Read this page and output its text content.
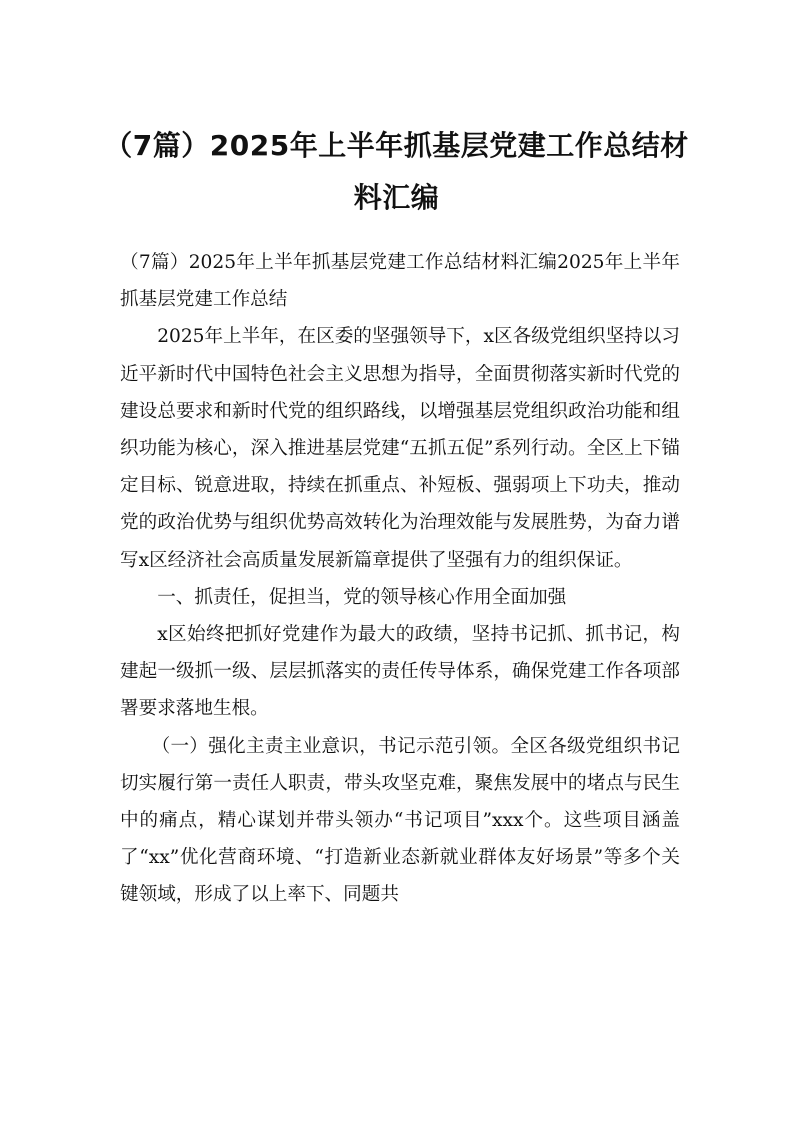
（7篇）2025年上半年抓基层党建工作总结材料汇编

（7篇）2025年上半年抓基层党建工作总结材料汇编2025年上半年抓基层党建工作总结

2025年上半年，在区委的坚强领导下，x区各级党组织坚持以习近平新时代中国特色社会主义思想为指导，全面贯彻落实新时代党的建设总要求和新时代党的组织路线，以增强基层党组织政治功能和组织功能为核心，深入推进基层党建“五抓五促”系列行动。全区上下锚定目标、锐意进取，持续在抓重点、补短板、强弱项上下功夫，推动党的政治优势与组织优势高效转化为治理效能与发展胜势，为奋力谱写x区经济社会高质量发展新篇章提供了坚强有力的组织保证。

一、抓责任，促担当，党的领导核心作用全面加强

x区始终把抓好党建作为最大的政绩，坚持书记抓、抓书记，构建起一级抓一级、层层抓落实的责任传导体系，确保党建工作各项部署要求落地生根。

（一）强化主责主业意识，书记示范引领。全区各级党组织书记切实履行第一责任人职责，带头攻坚克难，聚焦发展中的堵点与民生中的痛点，精心谋划并带头领办“书记项目”xxx个。这些项目涵盖了“xx”优化营商环境、“打造新业态新就业群体友好场景”等多个关键领域，形成了以上率下、同题共
